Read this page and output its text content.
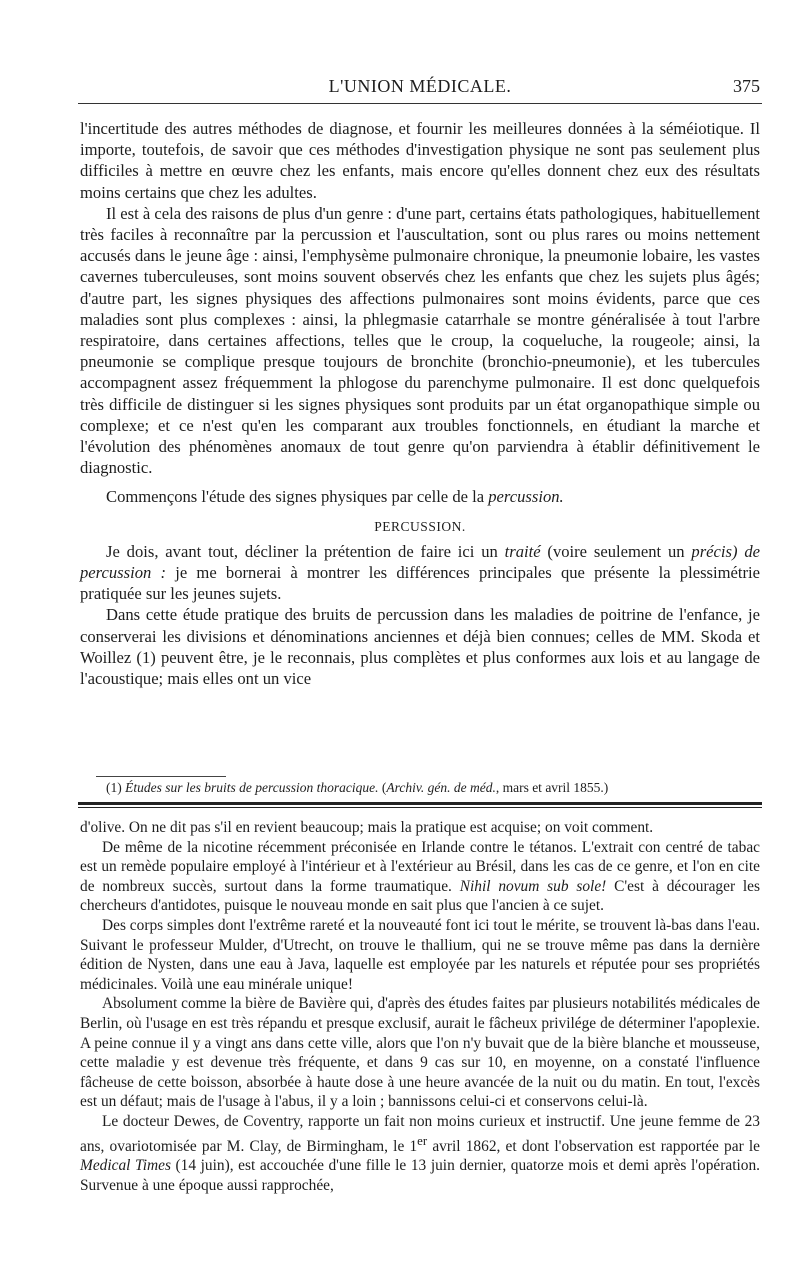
L'UNION MÉDICALE.	375

l'incertitude des autres méthodes de diagnose, et fournir les meilleures données à la séméiotique. Il importe, toutefois, de savoir que ces méthodes d'investigation physique ne sont pas seulement plus difficiles à mettre en œuvre chez les enfants, mais encore qu'elles donnent chez eux des résultats moins certains que chez les adultes.

Il est à cela des raisons de plus d'un genre : d'une part, certains états pathologiques, habituellement très faciles à reconnaître par la percussion et l'auscultation, sont ou plus rares ou moins nettement accusés dans le jeune âge : ainsi, l'emphysème pulmonaire chronique, la pneumonie lobaire, les vastes cavernes tuberculeuses, sont moins souvent observés chez les enfants que chez les sujets plus âgés; d'autre part, les signes physiques des affections pulmonaires sont moins évidents, parce que ces maladies sont plus complexes : ainsi, la phlegmasie catarrhale se montre généralisée à tout l'arbre respiratoire, dans certaines affections, telles que le croup, la coqueluche, la rougeole; ainsi, la pneumonie se complique presque toujours de bronchite (bronchio-pneumonie), et les tubercules accompagnent assez fréquemment la phlogose du parenchyme pulmonaire. Il est donc quelquefois très difficile de distinguer si les signes physiques sont produits par un état organopathique simple ou complexe; et ce n'est qu'en les comparant aux troubles fonctionnels, en étudiant la marche et l'évolution des phénomènes anomaux de tout genre qu'on parviendra à établir définitivement le diagnostic.

Commençons l'étude des signes physiques par celle de la percussion.

PERCUSSION.

Je dois, avant tout, décliner la prétention de faire ici un traité (voire seulement un précis) de percussion : je me bornerai à montrer les différences principales que présente la plessimétrie pratiquée sur les jeunes sujets.

Dans cette étude pratique des bruits de percussion dans les maladies de poitrine de l'enfance, je conserverai les divisions et dénominations anciennes et déjà bien connues; celles de MM. Skoda et Woillez (1) peuvent être, je le reconnais, plus complètes et plus conformes aux lois et au langage de l'acoustique; mais elles ont un vice

(1) Études sur les bruits de percussion thoracique. (Archiv. gén. de méd., mars et avril 1855.)

d'olive. On ne dit pas s'il en revient beaucoup; mais la pratique est acquise; on voit comment.

De même de la nicotine récemment préconisée en Irlande contre le tétanos. L'extrait con centré de tabac est un remède populaire employé à l'intérieur et à l'extérieur au Brésil, dans les cas de ce genre, et l'on en cite de nombreux succès, surtout dans la forme traumatique. Nihil novum sub sole! C'est à décourager les chercheurs d'antidotes, puisque le nouveau monde en sait plus que l'ancien à ce sujet.

Des corps simples dont l'extrême rareté et la nouveauté font ici tout le mérite, se trouvent là-bas dans l'eau. Suivant le professeur Mulder, d'Utrecht, on trouve le thallium, qui ne se trouve même pas dans la dernière édition de Nysten, dans une eau à Java, laquelle est employée par les naturels et réputée pour ses propriétés médicinales. Voilà une eau minérale unique!

Absolument comme la bière de Bavière qui, d'après des études faites par plusieurs notabilités médicales de Berlin, où l'usage en est très répandu et presque exclusif, aurait le fâcheux privilége de déterminer l'apoplexie. A peine connue il y a vingt ans dans cette ville, alors que l'on n'y buvait que de la bière blanche et mousseuse, cette maladie y est devenue très fréquente, et dans 9 cas sur 10, en moyenne, on a constaté l'influence fâcheuse de cette boisson, absorbée à haute dose à une heure avancée de la nuit ou du matin. En tout, l'excès est un défaut; mais de l'usage à l'abus, il y a loin ; bannissons celui-ci et conservons celui-là.

Le docteur Dewes, de Coventry, rapporte un fait non moins curieux et instructif. Une jeune femme de 23 ans, ovariotomisée par M. Clay, de Birmingham, le 1er avril 1862, et dont l'observation est rapportée par le Medical Times (14 juin), est accouchée d'une fille le 13 juin dernier, quatorze mois et demi après l'opération. Survenue à une époque aussi rapprochée,
